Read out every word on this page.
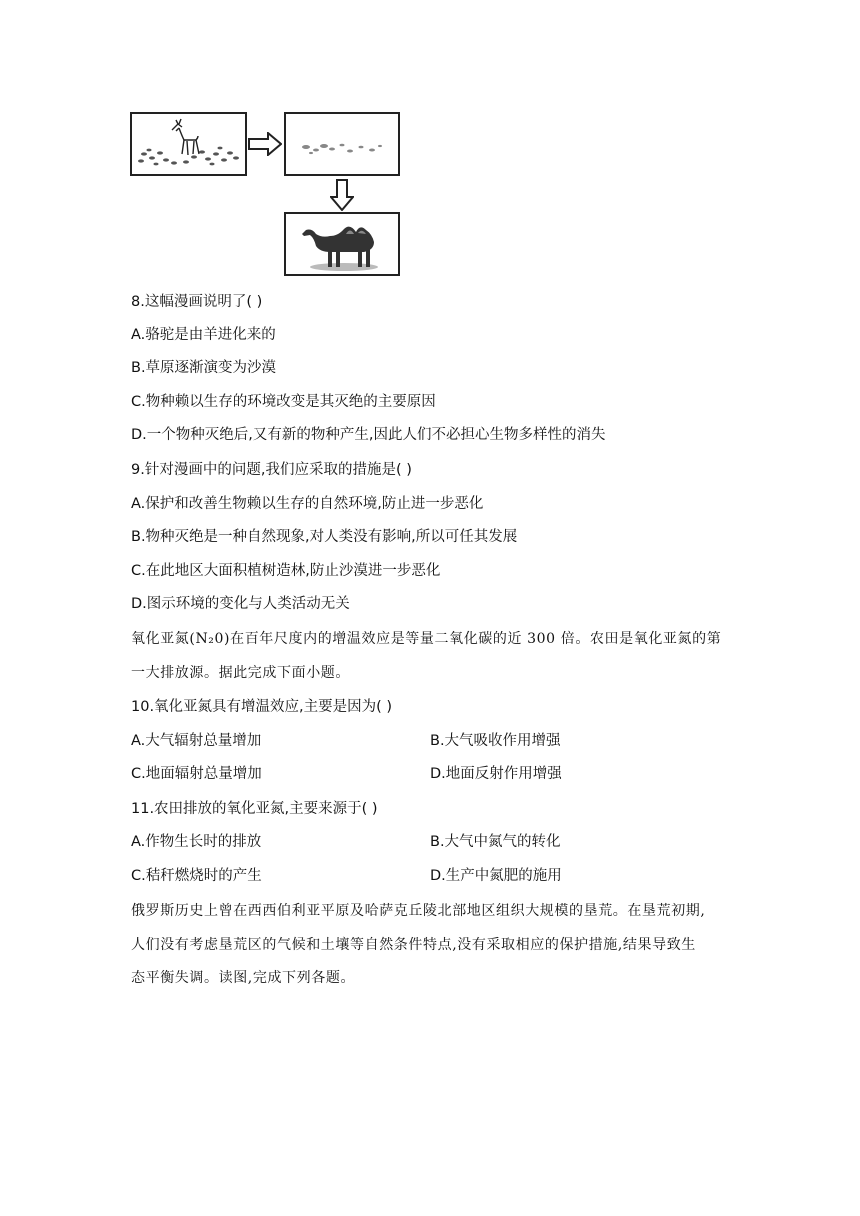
8.这幅漫画说明了( )
A.骆驼是由羊进化来的
B.草原逐渐演变为沙漠
C.物种赖以生存的环境改变是其灭绝的主要原因
D.一个物种灭绝后,又有新的物种产生,因此人们不必担心生物多样性的消失
9.针对漫画中的问题,我们应采取的措施是( )
A.保护和改善生物赖以生存的自然环境,防止进一步恶化
B.物种灭绝是一种自然现象,对人类没有影响,所以可任其发展
C.在此地区大面积植树造林,防止沙漠进一步恶化
D.图示环境的变化与人类活动无关
氧化亚氮(N₂0)在百年尺度内的增温效应是等量二氧化碳的近 300 倍。农田是氧化亚氮的第
一大排放源。据此完成下面小题。
10.氧化亚氮具有增温效应,主要是因为( )
A.大气辐射总量增加	B.大气吸收作用增强
C.地面辐射总量增加	D.地面反射作用增强
11.农田排放的氧化亚氮,主要来源于( )
A.作物生长时的排放	B.大气中氮气的转化
C.秸秆燃烧时的产生	D.生产中氮肥的施用
俄罗斯历史上曾在西西伯利亚平原及哈萨克丘陵北部地区组织大规模的垦荒。在垦荒初期,
人们没有考虑垦荒区的气候和土壤等自然条件特点,没有采取相应的保护措施,结果导致生
态平衡失调。读图,完成下列各题。
